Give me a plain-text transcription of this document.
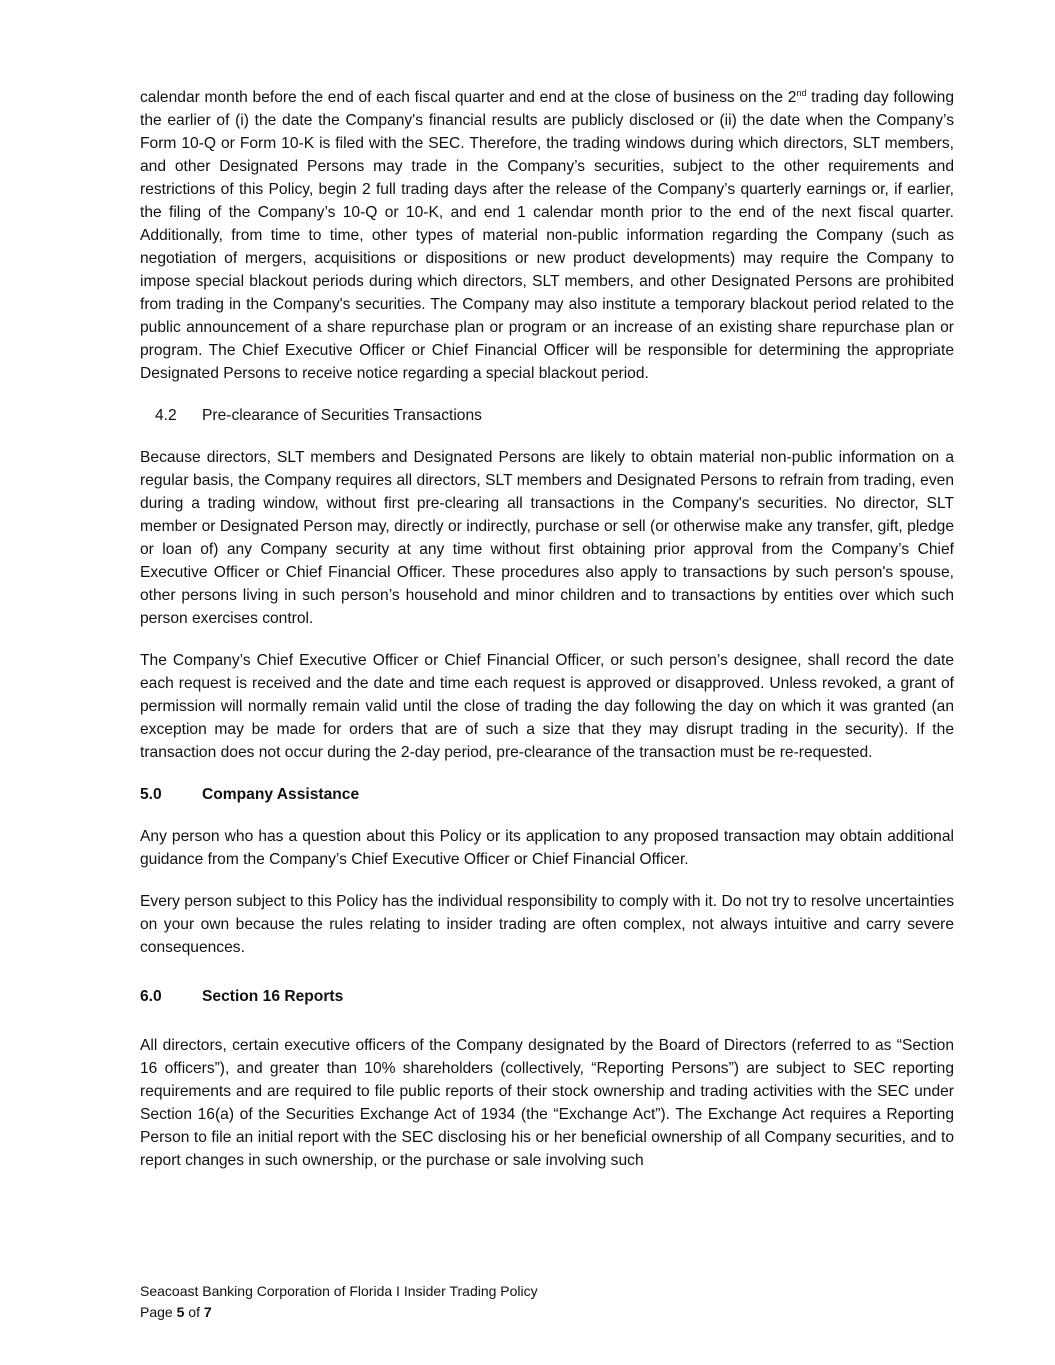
calendar month before the end of each fiscal quarter and end at the close of business on the 2nd trading day following the earlier of (i) the date the Company's financial results are publicly disclosed or (ii) the date when the Company’s Form 10-Q or Form 10-K is filed with the SEC. Therefore, the trading windows during which directors, SLT members, and other Designated Persons may trade in the Company’s securities, subject to the other requirements and restrictions of this Policy, begin 2 full trading days after the release of the Company’s quarterly earnings or, if earlier, the filing of the Company’s 10-Q or 10-K, and end 1 calendar month prior to the end of the next fiscal quarter. Additionally, from time to time, other types of material non-public information regarding the Company (such as negotiation of mergers, acquisitions or dispositions or new product developments) may require the Company to impose special blackout periods during which directors, SLT members, and other Designated Persons are prohibited from trading in the Company's securities. The Company may also institute a temporary blackout period related to the public announcement of a share repurchase plan or program or an increase of an existing share repurchase plan or program. The Chief Executive Officer or Chief Financial Officer will be responsible for determining the appropriate Designated Persons to receive notice regarding a special blackout period.

4.2 Pre-clearance of Securities Transactions

Because directors, SLT members and Designated Persons are likely to obtain material non-public information on a regular basis, the Company requires all directors, SLT members and Designated Persons to refrain from trading, even during a trading window, without first pre-clearing all transactions in the Company's securities. No director, SLT member or Designated Person may, directly or indirectly, purchase or sell (or otherwise make any transfer, gift, pledge or loan of) any Company security at any time without first obtaining prior approval from the Company’s Chief Executive Officer or Chief Financial Officer. These procedures also apply to transactions by such person's spouse, other persons living in such person’s household and minor children and to transactions by entities over which such person exercises control.

The Company’s Chief Executive Officer or Chief Financial Officer, or such person’s designee, shall record the date each request is received and the date and time each request is approved or disapproved. Unless revoked, a grant of permission will normally remain valid until the close of trading the day following the day on which it was granted (an exception may be made for orders that are of such a size that they may disrupt trading in the security). If the transaction does not occur during the 2-day period, pre-clearance of the transaction must be re-requested.

5.0	Company Assistance

Any person who has a question about this Policy or its application to any proposed transaction may obtain additional guidance from the Company’s Chief Executive Officer or Chief Financial Officer.

Every person subject to this Policy has the individual responsibility to comply with it. Do not try to resolve uncertainties on your own because the rules relating to insider trading are often complex, not always intuitive and carry severe consequences.

6.0	Section 16 Reports

All directors, certain executive officers of the Company designated by the Board of Directors (referred to as “Section 16 officers”), and greater than 10% shareholders (collectively, “Reporting Persons”) are subject to SEC reporting requirements and are required to file public reports of their stock ownership and trading activities with the SEC under Section 16(a) of the Securities Exchange Act of 1934 (the “Exchange Act”). The Exchange Act requires a Reporting Person to file an initial report with the SEC disclosing his or her beneficial ownership of all Company securities, and to report changes in such ownership, or the purchase or sale involving such

Seacoast Banking Corporation of Florida I Insider Trading Policy
Page 5 of 7
